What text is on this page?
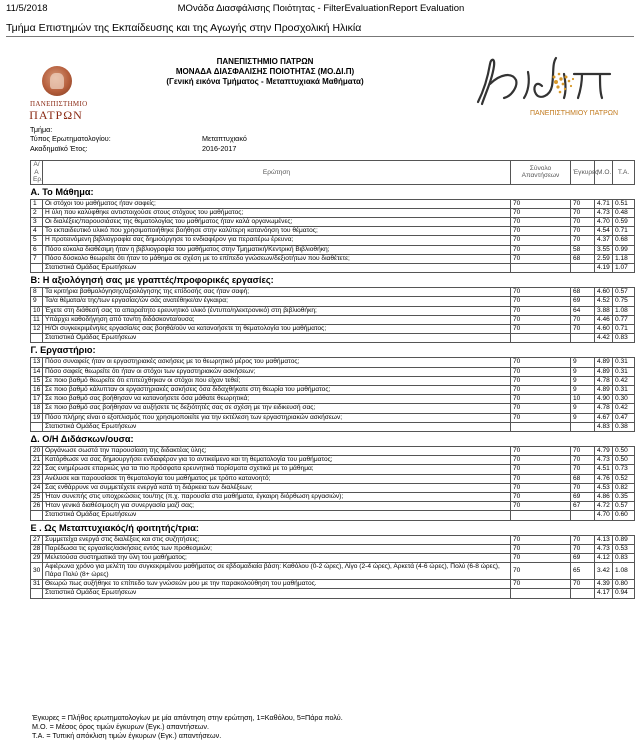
11/5/2018	ΜΟνάδα Διασφάλισης Ποιότητας - FilterEvaluationReport Evaluation
Τμήμα Επιστημών της Εκπαίδευσης και της Αγωγής στην Προσχολική Ηλικία
ΠΑΝΕΠΙΣΤΗΜΙΟ
ΠΑΤΡΩΝ
ΠΑΝΕΠΙΣΤΗΜΙΟ ΠΑΤΡΩΝ
ΜΟΝΑΔΑ ΔΙΑΣΦΑΛΙΣΗΣ ΠΟΙΟΤΗΤΑΣ (ΜΟ.ΔΙ.Π)
(Γενική εικόνα Τμήματος - Μεταπτυχιακά Μαθήματα)
ΠΑΝΕΠΙΣΤΗΜΙΟΥ ΠΑΤΡΩΝ
Τμήμα:
Τύπος Ερωτηματολογίου:	Μεταπτυχιακό
Ακαδημαϊκό Έτος:	2016-2017
Α/Α Ερ.	Ερώτηση	Σύνολο Απαντήσεων	Έγκυρες	Μ.Ο.	Τ.Α.
Α. Το Μάθημα:					
1	Οι στόχοι του μαθήματος ήταν σαφείς;	70	70	4.71	0.51
2	Η ύλη που καλύφθηκε αντιστοιχούσε στους στόχους του μαθήματος;	70	70	4.73	0.48
3	Οι διαλέξεις/παρουσιάσεις της θεματολογίας του μαθήματος ήταν καλά οργανωμένες;	70	70	4.70	0.59
4	Το εκπαιδευτικό υλικό που χρησιμοποιήθηκε βοήθησε στην καλύτερη κατανόηση του θέματος;	70	70	4.54	0.71
5	Η προτεινόμενη βιβλιογραφία σας δημιούργησε το ενδιαφέρον για περαιτέρω έρευνα;	70	70	4.37	0.68
6	Πόσο εύκολα διαθέσιμη ήταν η βιβλιογραφία του μαθήματος στην Τμηματική/Κεντρική Βιβλιοθήκη;	70	58	3.55	0.99
7	Πόσο δύσκολο θεωρείτε ότι ήταν το μάθημα σε σχέση με το επίπεδο γνώσεων/δεξιοτήτων που διαθέτετε;	70	68	2.59	1.18
	Στατιστικά Ομάδας Ερωτήσεων			4.19	1.07
Β: Η αξιολόγησή σας με γραπτές/προφορικές εργασίες:					
8	Τα κριτήρια βαθμολόγησης/αξιολόγησης της επίδοσής σας ήταν σαφή;	70	68	4.60	0.57
9	Τα/α θέματα/α της/των εργασίας/ών σάς ανατέθηκε/αν έγκαιρα;	70	69	4.52	0.75
10	Έχετε στη διάθεσή σας το απαραίτητο ερευνητικό υλικό (έντυπο/ηλεκτρονικό) στη βιβλιοθήκη;	70	64	3.88	1.08
11	Υπάρχει καθοδήγηση από τον/τη διδάσκοντα/ουσα;	70	70	4.46	0.77
12	Η/Οι συγκεκριμένη/ες εργασία/ες σας βοηθά/ούν να κατανοήσετε τη θεματολογία του μαθήματος;	70	70	4.60	0.71
	Στατιστικά Ομάδας Ερωτήσεων			4.42	0.83
Γ. Εργαστήριο:					
13	Πόσο συναφείς ήταν οι εργαστηριακές ασκήσεις με το θεωρητικό μέρος του μαθήματος;	70	9	4.89	0.31
14	Πόσο σαφείς θεωρείτε ότι ήταν οι στόχοι των εργαστηριακών ασκήσεων;	70	9	4.89	0.31
15	Σε ποιο βαθμό θεωρείτε ότι επιτεύχθηκαν οι στόχοι που είχαν τεθεί;	70	9	4.78	0.42
16	Σε ποιο βαθμό κάλυπταν οι εργαστηριακές ασκήσεις όσα διδαχθήκατε στη θεωρία του μαθήματος;	70	9	4.89	0.31
17	Σε ποιο βαθμό σας βοήθησαν να κατανοήσετε όσα μάθατε θεωρητικά;	70	10	4.90	0.30
18	Σε ποιο βαθμό σας βοήθησαν να αυξήσετε τις δεξιότητές σας σε σχέση με την ειδικευσή σας;	70	9	4.78	0.42
19	Πόσο πλήρης είναι ο εξοπλισμός που χρησιμοποιείτε για την εκτέλεση των εργαστηριακών ασκήσεων;	70	9	4.67	0.47
	Στατιστικά Ομάδας Ερωτήσεων			4.83	0.38
Δ. Ο/Η Διδάσκων/ουσα:					
20	Οργάνωσε σωστά την παρουσίαση της διδακτέας ύλης;	70	70	4.79	0.50
21	Κατόρθωσε να σας δημιουργήσει ενδιαφέρον για το αντικείμενο και τη θεματολογία του μαθήματος;	70	70	4.73	0.50
22	Σας ενημέρωσε επαρκώς για τα πιο πρόσφατα ερευνητικά πορίσματα σχετικά με το μάθημα;	70	70	4.51	0.73
23	Ανέλυσε και παρουσίασε τη θεματολογία του μαθήματος με τρόπο κατανοητό;	70	68	4.76	0.52
24	Σας ενθάρρυνε να συμμετέχετε ενεργά κατά τη διάρκεια των διαλέξεων;	70	70	4.53	0.82
25	Ήταν συνεπής στις υποχρεώσεις του/της (π.χ. παρουσία στα μαθήματα, έγκαιρη διόρθωση εργασιών);	70	69	4.86	0.35
26	Ήταν γενικά διαθέσιμος/η για συνεργασία μαζί σας;	70	67	4.72	0.57
	Στατιστικά Ομάδας Ερωτήσεων			4.70	0.60
Ε . Ως Μεταπτυχιακός/ή φοιτητής/τρια:					
27	Συμμετείχα ενεργά στις διαλέξεις και στις συζητήσεις;	70	70	4.13	0.89
28	Παρέδωσα τις εργασίες/ασκήσεις εντός των προθεσμιών;	70	70	4.73	0.53
29	Μελετούσα συστηματικά την ύλη του μαθήματος;	70	69	4.12	0.83
30	Αφιέρωνα χρόνο για μελέτη του συγκεκριμένου μαθήματος σε εβδομαδιαία βάση: Καθόλου (0-2 ώρες), Λίγο (2-4 ώρες), Αρκετά (4-6 ώρες), Πολύ (6-8 ώρες), Πάρα Πολύ (8+ ώρες)	70	65	3.42	1.08
31	Θεωρώ πως αυξήθηκε το επίπεδο των γνώσεών μου με την παρακολούθηση του μαθήματος.	70	70	4.39	0.80
	Στατιστικά Ομάδας Ερωτήσεων			4.17	0.94
Έγκυρες = Πλήθος ερωτηματολογίων με μία απάντηση στην ερώτηση, 1=Καθόλου, 5=Πάρα πολύ.
Μ.Ο. = Μέσος όρος τιμών έγκυρων (Εγκ.) απαντήσεων.
Τ.Α. = Τυπική απόκλιση τιμών έγκυρων (Εγκ.) απαντήσεων.
